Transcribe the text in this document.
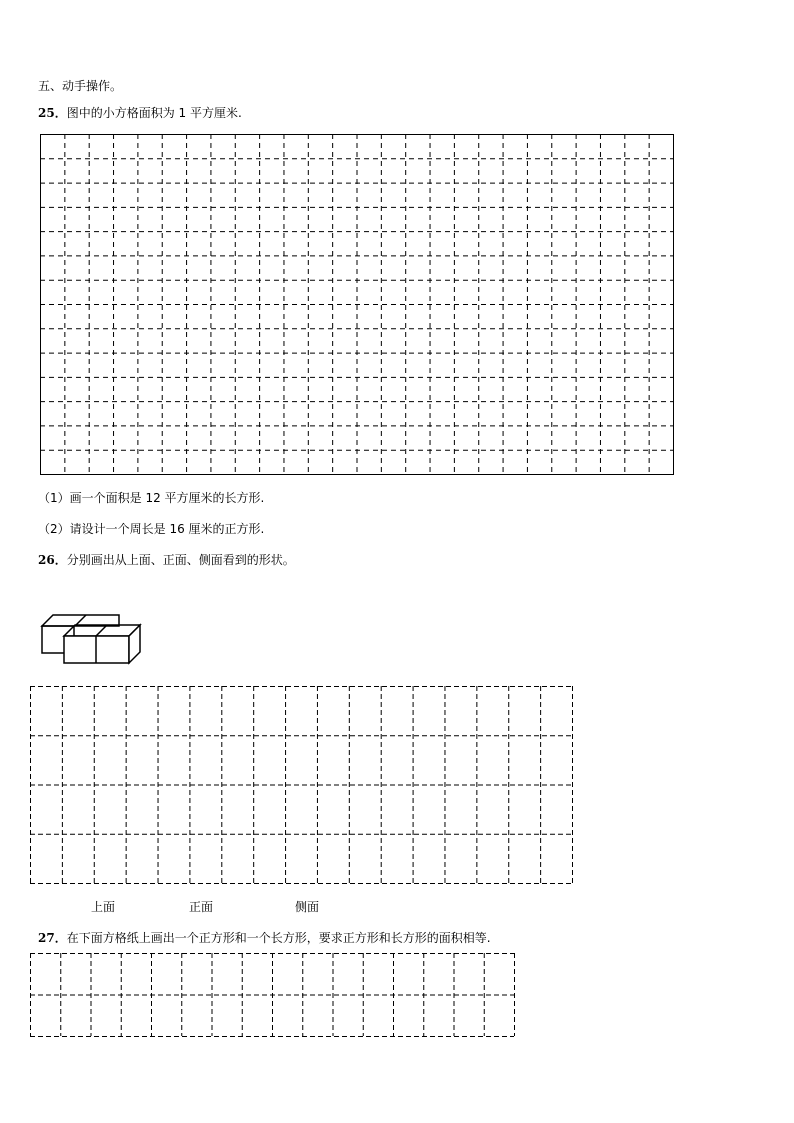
五、动手操作。
25．图中的小方格面积为 1 平方厘米.
（1）画一个面积是 12 平方厘米的长方形.
（2）请设计一个周长是 16 厘米的正方形.
26．分别画出从上面、正面、侧面看到的形状。
上面	正面	侧面
27．在下面方格纸上画出一个正方形和一个长方形，要求正方形和长方形的面积相等.
